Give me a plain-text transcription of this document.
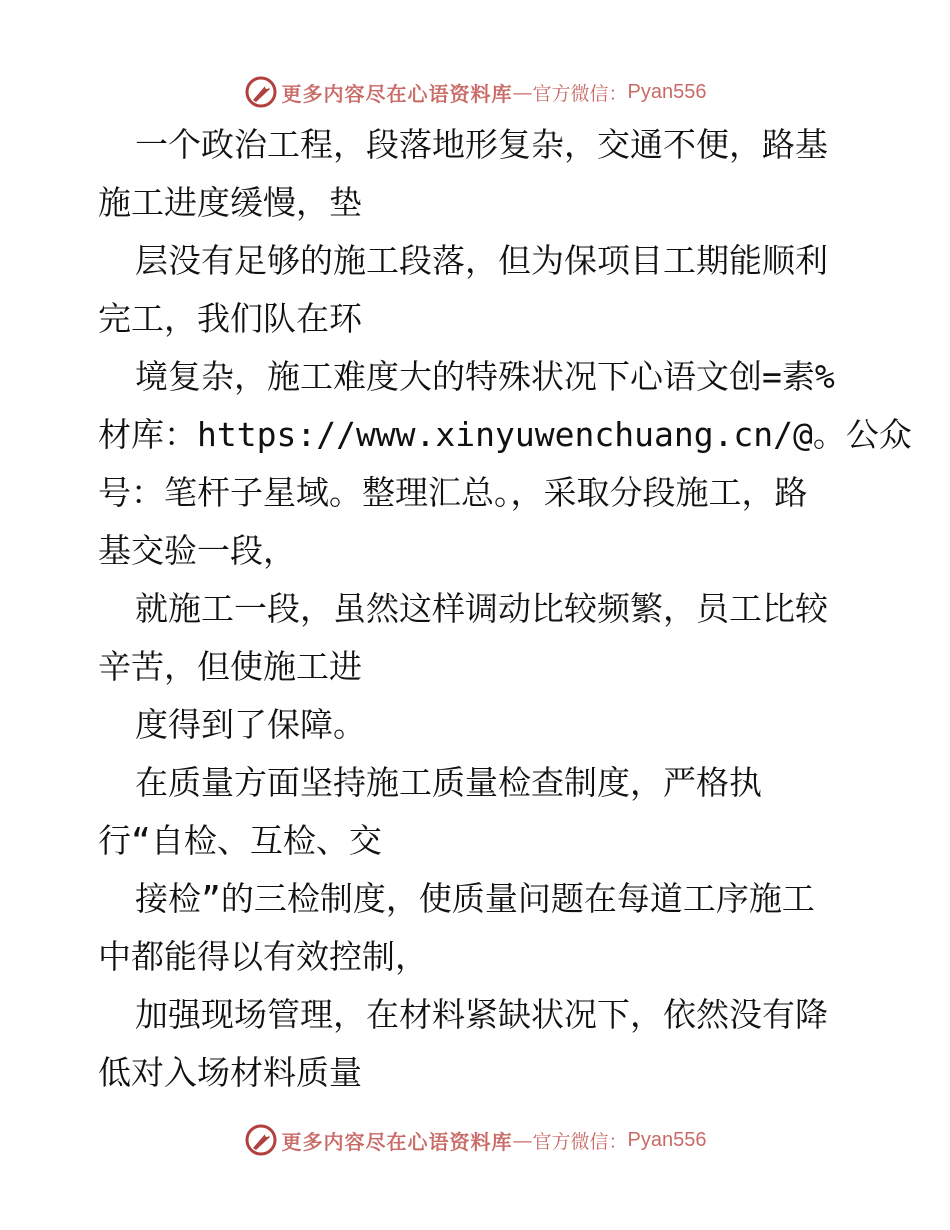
更多内容尽在心语资料库 — 官方微信： Pyan556
一个政治工程，段落地形复杂，交通不便，路基
施工进度缓慢，垫
层没有足够的施工段落，但为保项目工期能顺利
完工，我们队在环
境复杂，施工难度大的特殊状况下心语文创=素%
材库：https://www.xinyuwenchuang.cn/@。公众
号：笔杆子星域。整理汇总。，采取分段施工，路
基交验一段，
就施工一段，虽然这样调动比较频繁，员工比较
辛苦，但使施工进
度得到了保障。
在质量方面坚持施工质量检查制度，严格执
行“自检、互检、交
接检”的三检制度，使质量问题在每道工序施工
中都能得以有效控制，
加强现场管理，在材料紧缺状况下，依然没有降
低对入场材料质量
更多内容尽在心语资料库 — 官方微信： Pyan556
